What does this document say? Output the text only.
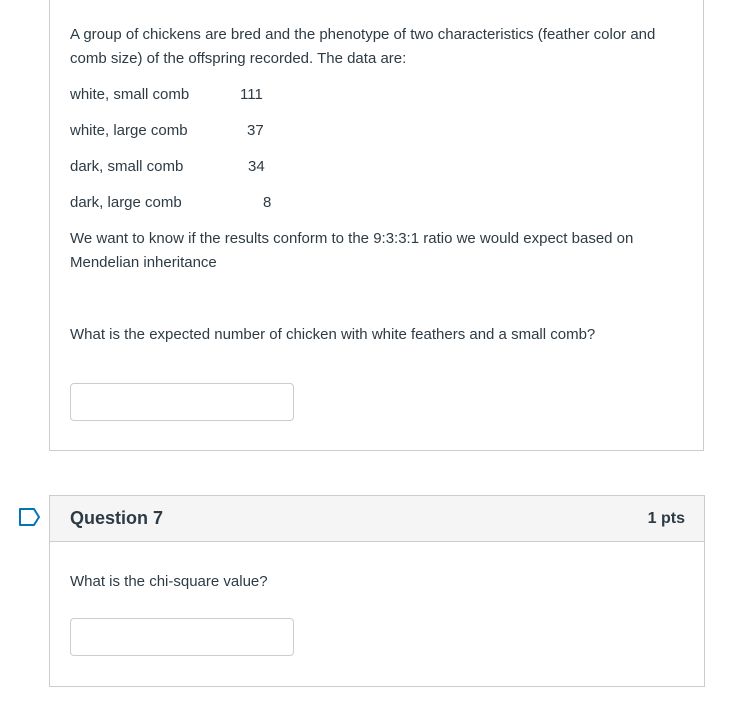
A group of chickens are bred and the phenotype of two characteristics (feather color and comb size) of the offspring recorded. The data are:
white, small comb	111
white, large comb	37
dark, small comb	34
dark, large comb	8
We want to know if the results conform to the 9:3:3:1 ratio we would expect based on Mendelian inheritance
What is the expected number of chicken with white feathers and a small comb?
Question 7	1 pts
What is the chi-square value?
